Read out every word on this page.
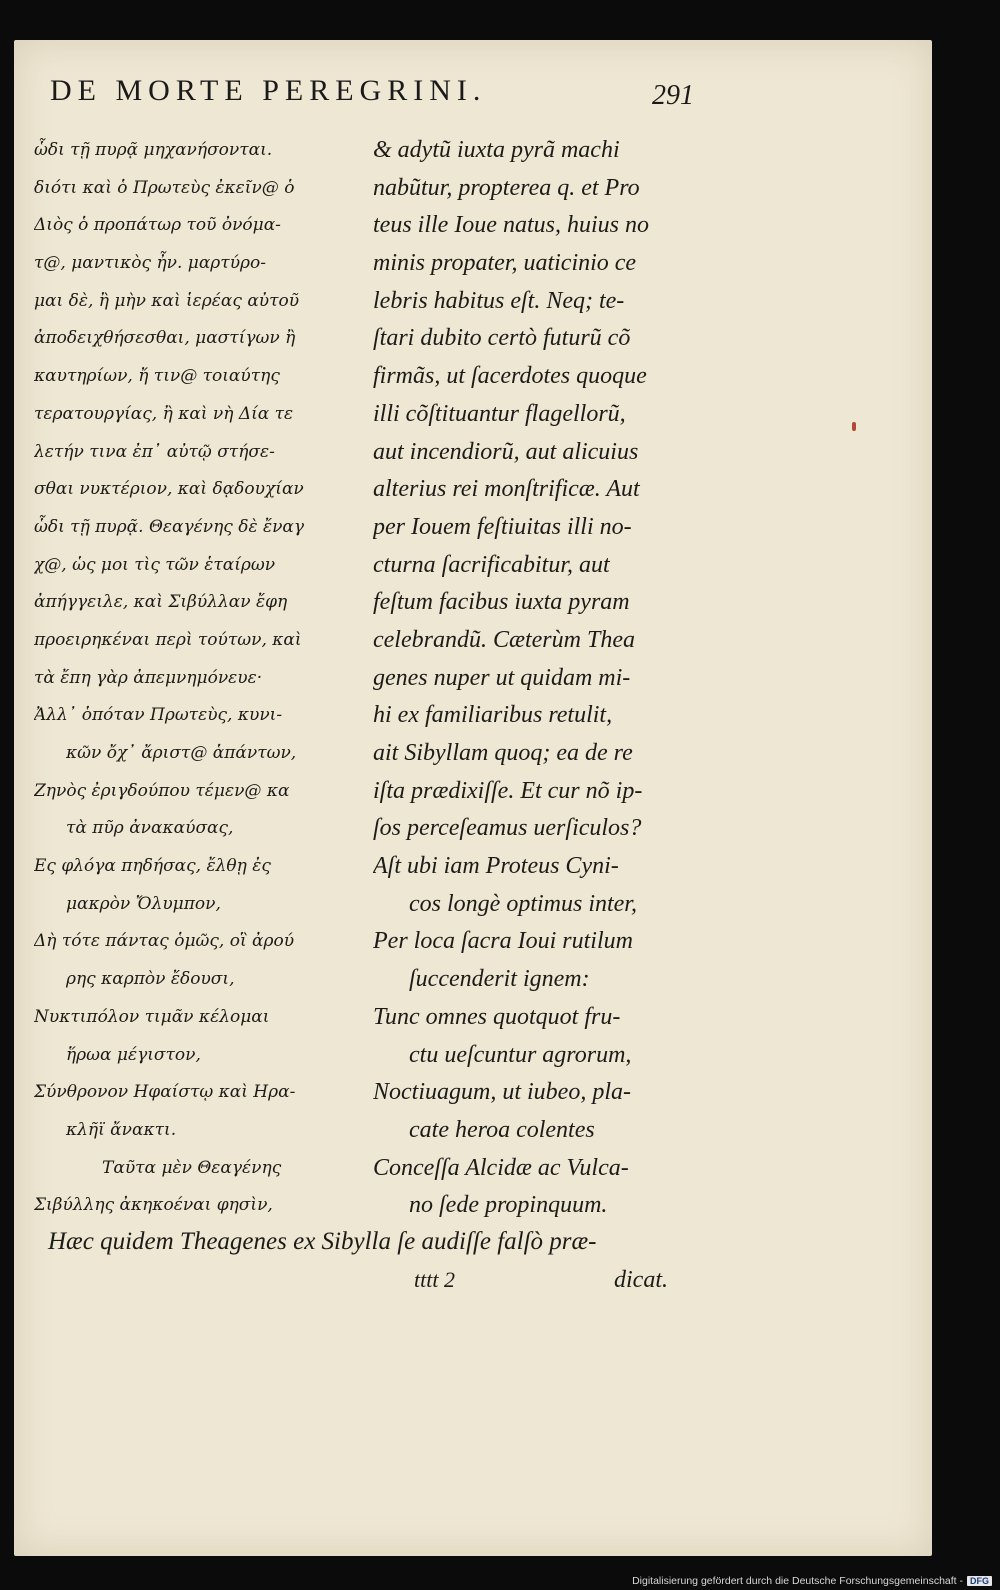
DE MORTE PEREGRINI.	291
ὧδι τῇ πυρᾷ μηχανήσονται.
διότι καὶ ὁ Πρωτεὺς ἐκεῖν@ ὁ
Διὸς ὁ προπάτωρ τοῦ ὀνόμα-
τ@, μαντικὸς ἦν. μαρτύρο-
μαι δὲ, ἢ μὴν καὶ ἱερέας αὐτοῦ
ἀποδειχθήσεσθαι, μαστίγων ἢ
καυτηρίων, ἤ τιν@ τοιαύτης
τερατουργίας, ἢ καὶ νὴ Δία τε
λετήν τινα ἐπ᾽ αὐτῷ στήσε-
σθαι νυκτέριον, καὶ δᾳδουχίαν
ὧδι τῇ πυρᾷ. Θεαγένης δὲ ἔναγ
χ@, ὡς μοι τὶς τῶν ἑταίρων
ἀπήγγειλε, καὶ Σιβύλλαν ἔφη
προειρηκέναι περὶ τούτων, καὶ
τὰ ἔπη γὰρ ἀπεμνημόνευε·
Ἀλλ᾽ ὁπόταν Πρωτεὺς, κυνι-
κῶν ὄχ᾽ ἄριστ@ ἁπάντων,
Ζηνὸς ἐριγδούπου τέμεν@ κα
τὰ πῦρ ἀνακαύσας,
Ες φλόγα πηδήσας, ἔλθῃ ἐς
μακρὸν Ὄλυμπον,
Δὴ τότε πάντας ὁμῶς, οἳ ἀρού
ρης καρπὸν ἔδουσι,
Νυκτιπόλον τιμᾶν κέλομαι
ἥρωα μέγιστον,
Σύνθρονον Ηφαίστῳ καὶ Ηρα-
κλῆϊ ἄνακτι.
Ταῦτα μὲν Θεαγένης
Σιβύλλης ἀκηκοέναι φησὶν,
& adytũ iuxta pyrã machi
nabũtur, propterea q. et Pro
teus ille Ioue natus, huius no
minis propater, uaticinio ce
lebris habitus eſt. Neq; te-
ſtari dubito certò futurũ cõ
firmãs, ut ſacerdotes quoque
illi cõſtituantur flagellorũ,
aut incendiorũ, aut alicuius
alterius rei monſtrificæ. Aut
per Iouem feſtiuitas illi no-
cturna ſacrificabitur, aut
feſtum facibus iuxta pyram
celebrandũ. Cæterùm Thea
genes nuper ut quidam mi-
hi ex familiaribus retulit,
ait Sibyllam quoq; ea de re
iſta prædixiſſe. Et cur nõ ip-
ſos perceſeamus uerſiculos?
Aſt ubi iam Proteus Cyni-
cos longè optimus inter,
Per loca ſacra Ioui rutilum
ſuccenderit ignem:
Tunc omnes quotquot fru-
ctu ueſcuntur agrorum,
Noctiuagum, ut iubeo, pla-
cate heroa colentes
Conceſſa Alcidæ ac Vulca-
no ſede propinquum.
Hæc quidem Theagenes ex Sibylla ſe audiſſe falſò præ-
tttt 2	dicat.
Digitalisierung gefördert durch die Deutsche Forschungsgemeinschaft - DFG
